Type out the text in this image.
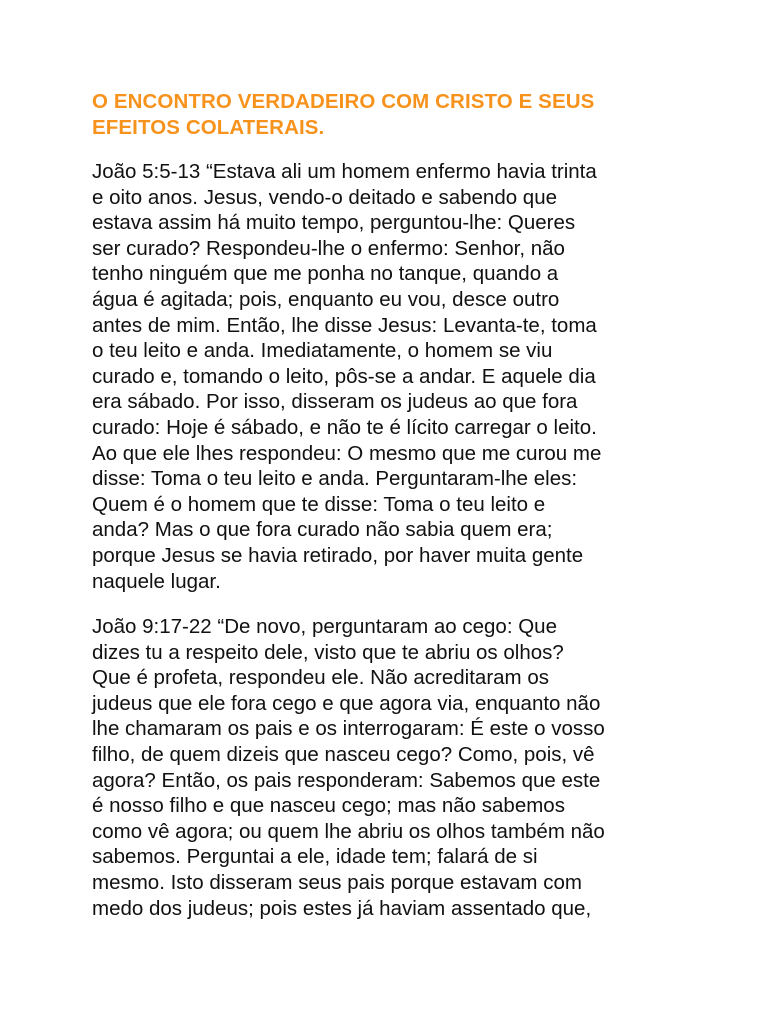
O ENCONTRO VERDADEIRO COM CRISTO E SEUS
EFEITOS COLATERAIS.

João 5:5-13 “Estava ali um homem enfermo havia trinta
e oito anos. Jesus, vendo-o deitado e sabendo que
estava assim há muito tempo, perguntou-lhe: Queres
ser curado? Respondeu-lhe o enfermo: Senhor, não
tenho ninguém que me ponha no tanque, quando a
água é agitada; pois, enquanto eu vou, desce outro
antes de mim. Então, lhe disse Jesus: Levanta-te, toma
o teu leito e anda. Imediatamente, o homem se viu
curado e, tomando o leito, pôs-se a andar. E aquele dia
era sábado. Por isso, disseram os judeus ao que fora
curado: Hoje é sábado, e não te é lícito carregar o leito.
Ao que ele lhes respondeu: O mesmo que me curou me
disse: Toma o teu leito e anda. Perguntaram-lhe eles:
Quem é o homem que te disse: Toma o teu leito e
anda? Mas o que fora curado não sabia quem era;
porque Jesus se havia retirado, por haver muita gente
naquele lugar.

João 9:17-22 “De novo, perguntaram ao cego: Que
dizes tu a respeito dele, visto que te abriu os olhos?
Que é profeta, respondeu ele. Não acreditaram os
judeus que ele fora cego e que agora via, enquanto não
lhe chamaram os pais e os interrogaram: É este o vosso
filho, de quem dizeis que nasceu cego? Como, pois, vê
agora? Então, os pais responderam: Sabemos que este
é nosso filho e que nasceu cego; mas não sabemos
como vê agora; ou quem lhe abriu os olhos também não
sabemos. Perguntai a ele, idade tem; falará de si
mesmo. Isto disseram seus pais porque estavam com
medo dos judeus; pois estes já haviam assentado que,
